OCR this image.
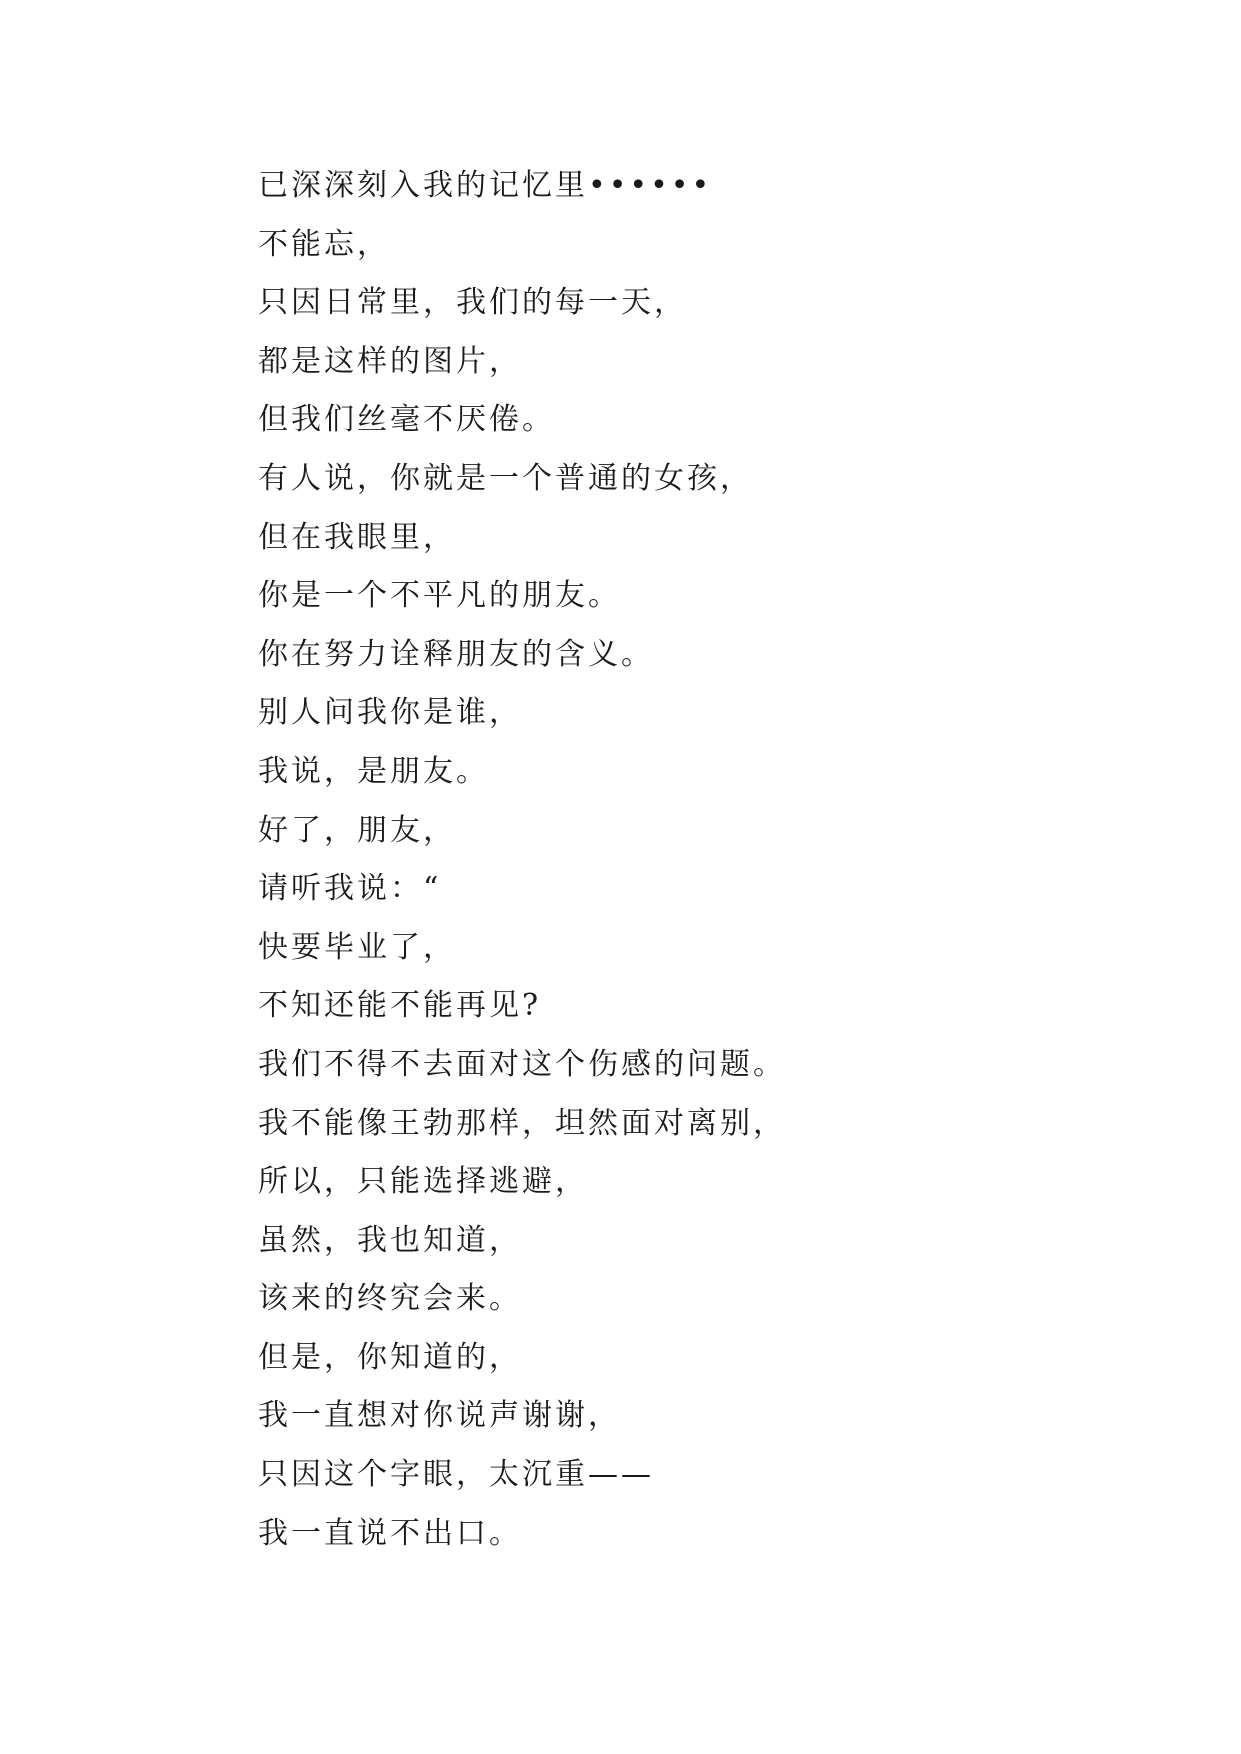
已深深刻入我的记忆里••••••
不能忘，
只因日常里，我们的每一天，
都是这样的图片，
但我们丝毫不厌倦。
有人说，你就是一个普通的女孩，
但在我眼里，
你是一个不平凡的朋友。
你在努力诠释朋友的含义。
别人问我你是谁，
我说，是朋友。
好了，朋友，
请听我说：“
快要毕业了，
不知还能不能再见?
我们不得不去面对这个伤感的问题。
我不能像王勃那样，坦然面对离别，
所以，只能选择逃避，
虽然，我也知道，
该来的终究会来。
但是，你知道的，
我一直想对你说声谢谢，
只因这个字眼，太沉重——
我一直说不出口。
